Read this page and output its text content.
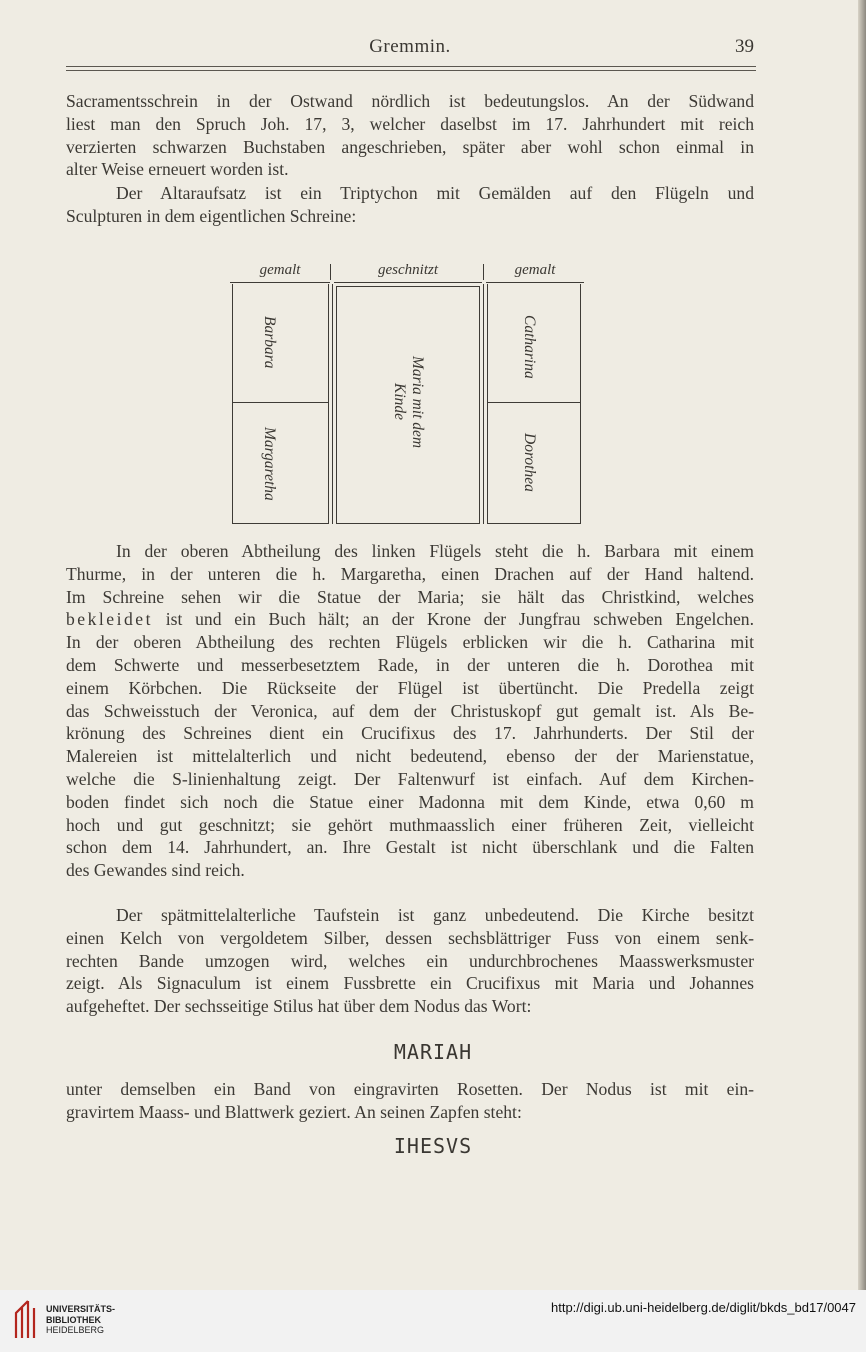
Gremmin.	39
Sacramentsschrein in der Ostwand nördlich ist bedeutungslos. An der Südwand
liest man den Spruch Joh. 17, 3, welcher daselbst im 17. Jahrhundert mit reich
verzierten schwarzen Buchstaben angeschrieben, später aber wohl schon einmal in
alter Weise erneuert worden ist.
Der Altaraufsatz ist ein Triptychon mit Gemälden auf den Flügeln und
Sculpturen in dem eigentlichen Schreine:
gemalt	geschnitzt	gemalt
Barbara
Margaretha
Maria mit dem
Kinde
Catharina
Dorothea
In der oberen Abtheilung des linken Flügels steht die h. Barbara mit einem
Thurme, in der unteren die h. Margaretha, einen Drachen auf der Hand haltend.
Im Schreine sehen wir die Statue der Maria; sie hält das Christkind, welches
bekleidet ist und ein Buch hält; an der Krone der Jungfrau schweben Engelchen.
In der oberen Abtheilung des rechten Flügels erblicken wir die h. Catharina mit
dem Schwerte und messerbesetztem Rade, in der unteren die h. Dorothea mit
einem Körbchen. Die Rückseite der Flügel ist übertüncht. Die Predella zeigt
das Schweisstuch der Veronica, auf dem der Christuskopf gut gemalt ist. Als Be-
krönung des Schreines dient ein Crucifixus des 17. Jahrhunderts. Der Stil der
Malereien ist mittelalterlich und nicht bedeutend, ebenso der der Marienstatue,
welche die S-linienhaltung zeigt. Der Faltenwurf ist einfach. Auf dem Kirchen-
boden findet sich noch die Statue einer Madonna mit dem Kinde, etwa 0,60 m
hoch und gut geschnitzt; sie gehört muthmaasslich einer früheren Zeit, vielleicht
schon dem 14. Jahrhundert, an. Ihre Gestalt ist nicht überschlank und die Falten
des Gewandes sind reich.
Der spätmittelalterliche Taufstein ist ganz unbedeutend. Die Kirche besitzt
einen Kelch von vergoldetem Silber, dessen sechsblättriger Fuss von einem senk-
rechten Bande umzogen wird, welches ein undurchbrochenes Maasswerksmuster
zeigt. Als Signaculum ist einem Fussbrette ein Crucifixus mit Maria und Johannes
aufgeheftet. Der sechsseitige Stilus hat über dem Nodus das Wort:
MARIAH
unter demselben ein Band von eingravirten Rosetten. Der Nodus ist mit ein-
gravirtem Maass- und Blattwerk geziert. An seinen Zapfen steht:
IHESVS
UNIVERSITÄTS-
BIBLIOTHEK
HEIDELBERG
http://digi.ub.uni-heidelberg.de/diglit/bkds_bd17/0047
